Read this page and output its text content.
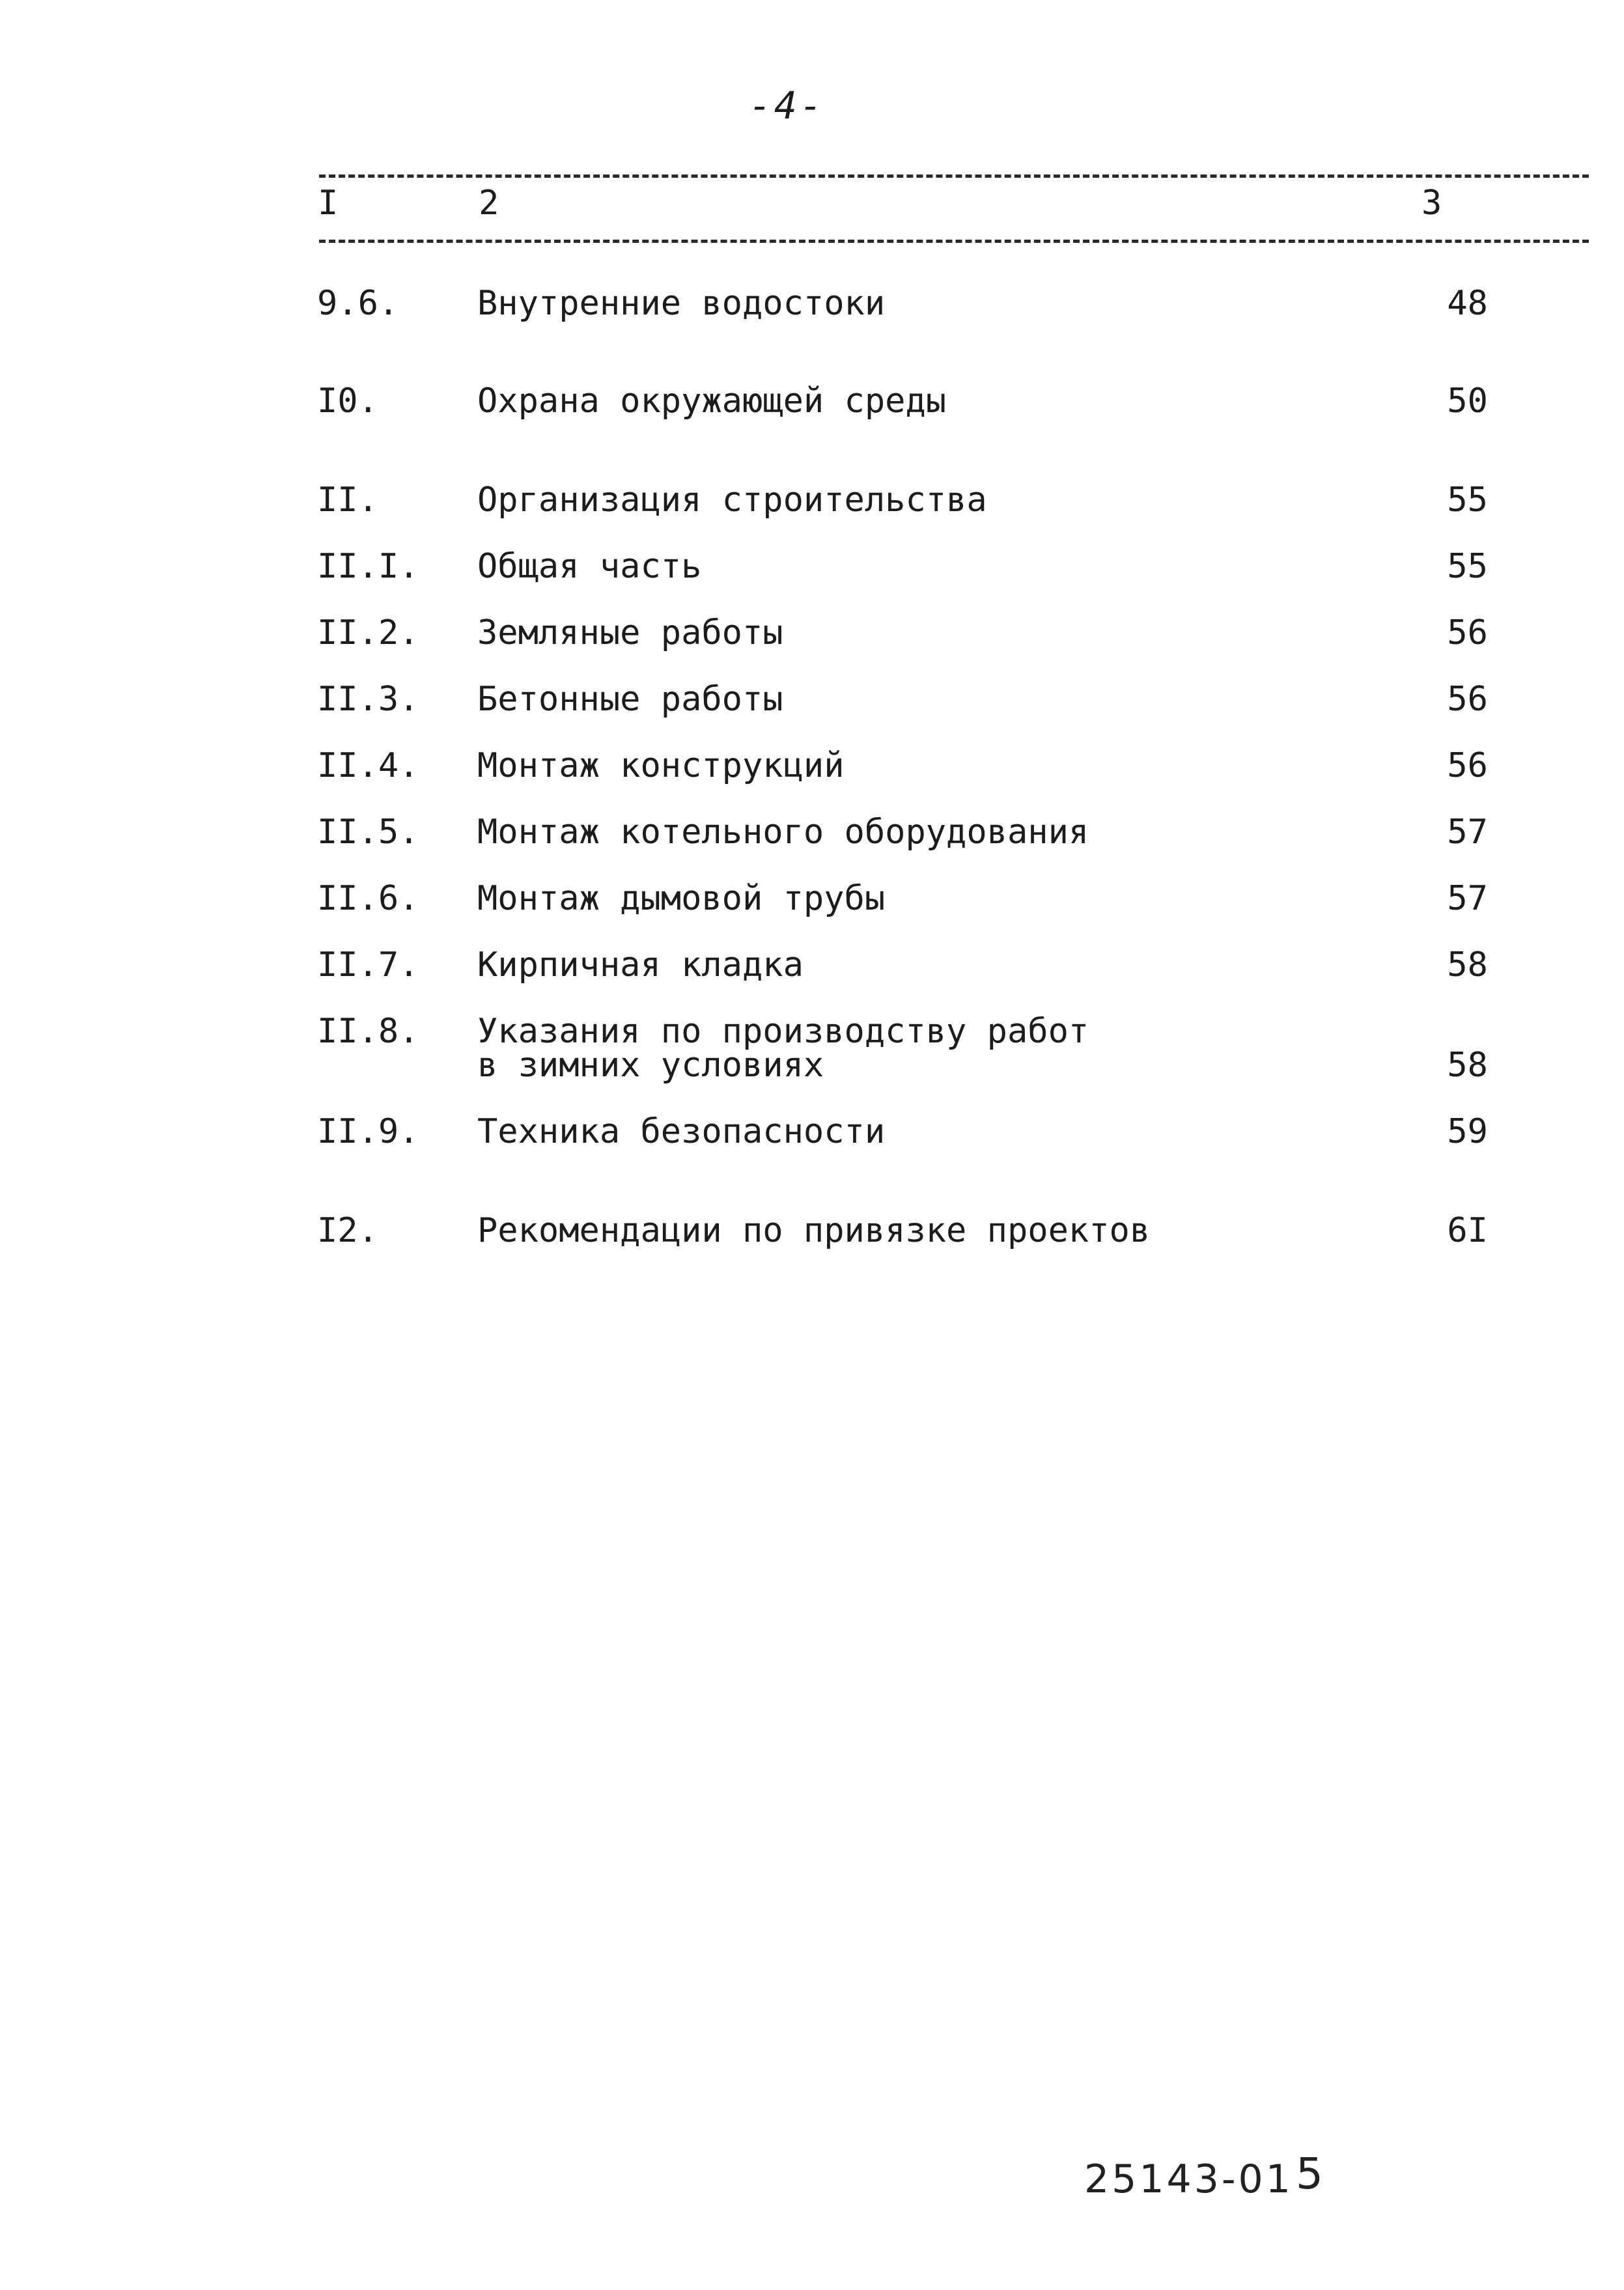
-4-
I	2	3
9.6. Внутренние водостоки	48
I0.	Охрана окружающей среды	50
II.	Организация строительства	55
II.I. Общая часть	55
II.2. Земляные работы	56
II.3. Бетонные работы	56
II.4. Монтаж конструкций	56
II.5. Монтаж котельного оборудования	57
II.6. Монтаж дымовой трубы	57
II.7. Кирпичная кладка	58
II.8. Указания по производству работ
в зимних условиях	58
II.9. Техника безопасности	59
I2.	Рекомендации по привязке проектов	6I
25143-01 5
